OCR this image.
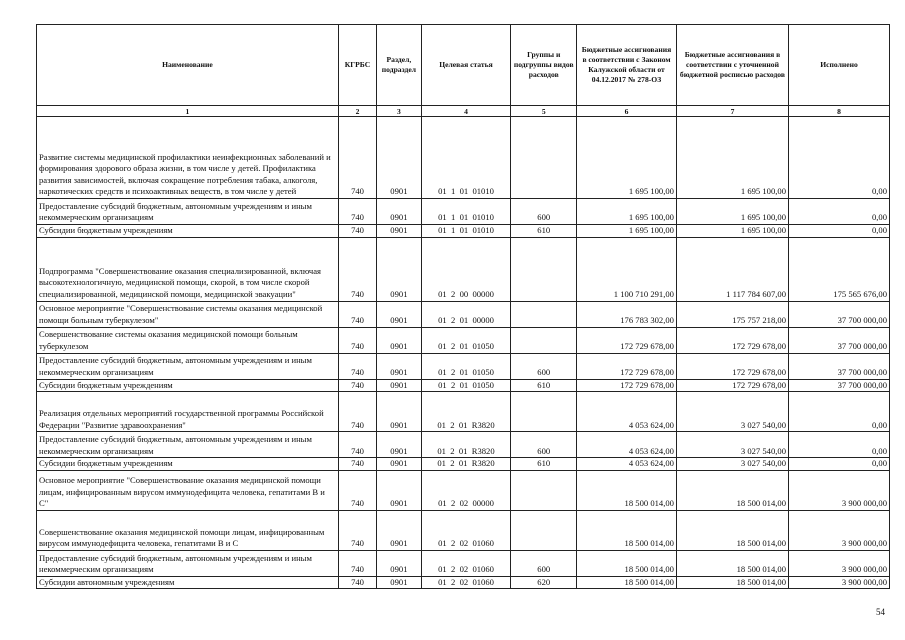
Наименование	КГРБС	Раздел, подраздел	Целевая статья	Группы и подгруппы видов расходов	Бюджетные ассигнования в соответствии с Законом Калужской области от 04.12.2017 № 278-ОЗ	Бюджетные ассигнования в соответствии с уточненной бюджетной росписью расходов	Исполнено
1	2	3	4	5	6	7	8
Развитие системы медицинской профилактики неинфекционных заболеваний и формирования здорового образа жизни, в том числе у детей. Профилактика развития зависимостей, включая сокращение потребления табака, алкоголя, наркотических средств и психоактивных веществ, в том числе у детей	740	0901	01  1  01  01010		1 695 100,00	1 695 100,00	0,00
Предоставление субсидий бюджетным, автономным учреждениям и иным некоммерческим организациям	740	0901	01  1  01  01010	600	1 695 100,00	1 695 100,00	0,00
Субсидии бюджетным учреждениям	740	0901	01  1  01  01010	610	1 695 100,00	1 695 100,00	0,00
Подпрограмма "Совершенствование оказания специализированной, включая высокотехнологичную, медицинской помощи, скорой, в том числе скорой специализированной, медицинской помощи, медицинской эвакуации"	740	0901	01  2  00  00000		1 100 710 291,00	1 117 784 607,00	175 565 676,00
Основное мероприятие "Совершенствование системы оказания медицинской помощи больным туберкулезом"	740	0901	01  2  01  00000		176 783 302,00	175 757 218,00	37 700 000,00
Совершенствование системы оказания медицинской помощи больным туберкулезом	740	0901	01  2  01  01050		172 729 678,00	172 729 678,00	37 700 000,00
Предоставление субсидий бюджетным, автономным учреждениям и иным некоммерческим организациям	740	0901	01  2  01  01050	600	172 729 678,00	172 729 678,00	37 700 000,00
Субсидии бюджетным учреждениям	740	0901	01  2  01  01050	610	172 729 678,00	172 729 678,00	37 700 000,00
Реализация отдельных мероприятий государственной программы Российской Федерации "Развитие здравоохранения"	740	0901	01  2  01  R3820		4 053 624,00	3 027 540,00	0,00
Предоставление субсидий бюджетным, автономным учреждениям и иным некоммерческим организациям	740	0901	01  2  01  R3820	600	4 053 624,00	3 027 540,00	0,00
Субсидии бюджетным учреждениям	740	0901	01  2  01  R3820	610	4 053 624,00	3 027 540,00	0,00
Основное мероприятие "Совершенствование оказания медицинской помощи лицам, инфицированным вирусом иммунодефицита человека, гепатитами В и С"	740	0901	01  2  02  00000		18 500 014,00	18 500 014,00	3 900 000,00
Совершенствование оказания медицинской помощи лицам, инфицированным вирусом иммунодефицита человека, гепатитами В и С	740	0901	01  2  02  01060		18 500 014,00	18 500 014,00	3 900 000,00
Предоставление субсидий бюджетным, автономным учреждениям и иным некоммерческим организациям	740	0901	01  2  02  01060	600	18 500 014,00	18 500 014,00	3 900 000,00
Субсидии автономным учреждениям	740	0901	01  2  02  01060	620	18 500 014,00	18 500 014,00	3 900 000,00
54
